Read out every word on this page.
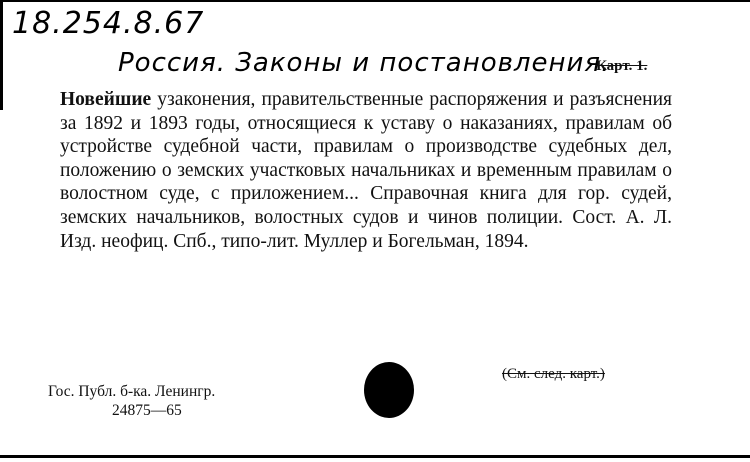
18.254.8.67
Россия. Законы и постановления.
Карт. 1.

Новейшие узаконения, правительственные распоряжения и разъяснения за 1892 и 1893 годы, относящиеся к уставу о наказаниях, правилам об устройстве судебной части, правилам о производстве судебных дел, положению о земских участковых начальниках и временным правилам о волостном суде, с приложением... Справочная книга для гор. судей, земских начальников, волостных судов и чинов полиции. Сост. А. Л. Изд. неофиц. Спб., типо-лит. Муллер и Богельман, 1894.

Гос. Публ. б-ка. Ленингр.
24875—65
(См. след. карт.)
